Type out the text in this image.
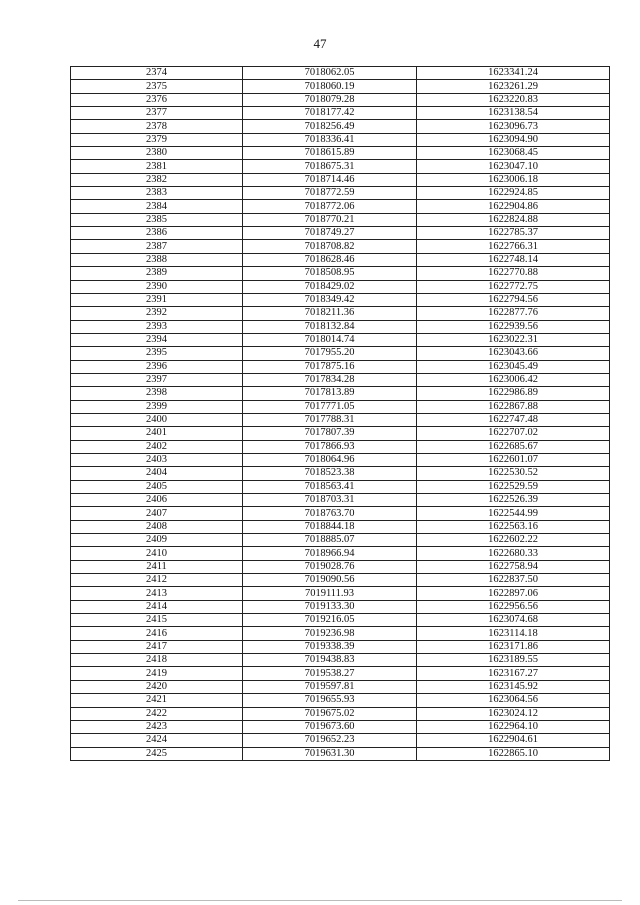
47
2374	7018062.05	1623341.24
2375	7018060.19	1623261.29
2376	7018079.28	1623220.83
2377	7018177.42	1623138.54
2378	7018256.49	1623096.73
2379	7018336.41	1623094.90
2380	7018615.89	1623068.45
2381	7018675.31	1623047.10
2382	7018714.46	1623006.18
2383	7018772.59	1622924.85
2384	7018772.06	1622904.86
2385	7018770.21	1622824.88
2386	7018749.27	1622785.37
2387	7018708.82	1622766.31
2388	7018628.46	1622748.14
2389	7018508.95	1622770.88
2390	7018429.02	1622772.75
2391	7018349.42	1622794.56
2392	7018211.36	1622877.76
2393	7018132.84	1622939.56
2394	7018014.74	1623022.31
2395	7017955.20	1623043.66
2396	7017875.16	1623045.49
2397	7017834.28	1623006.42
2398	7017813.89	1622986.89
2399	7017771.05	1622867.88
2400	7017788.31	1622747.48
2401	7017807.39	1622707.02
2402	7017866.93	1622685.67
2403	7018064.96	1622601.07
2404	7018523.38	1622530.52
2405	7018563.41	1622529.59
2406	7018703.31	1622526.39
2407	7018763.70	1622544.99
2408	7018844.18	1622563.16
2409	7018885.07	1622602.22
2410	7018966.94	1622680.33
2411	7019028.76	1622758.94
2412	7019090.56	1622837.50
2413	7019111.93	1622897.06
2414	7019133.30	1622956.56
2415	7019216.05	1623074.68
2416	7019236.98	1623114.18
2417	7019338.39	1623171.86
2418	7019438.83	1623189.55
2419	7019538.27	1623167.27
2420	7019597.81	1623145.92
2421	7019655.93	1623064.56
2422	7019675.02	1623024.12
2423	7019673.60	1622964.10
2424	7019652.23	1622904.61
2425	7019631.30	1622865.10
